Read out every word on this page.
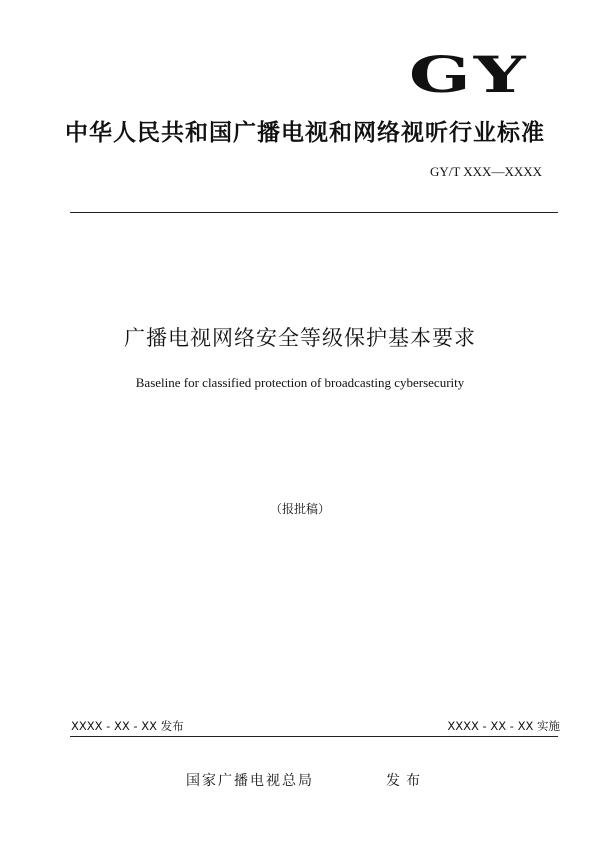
GY
中华人民共和国广播电视和网络视听行业标准
GY/T XXX—XXXX
广播电视网络安全等级保护基本要求
Baseline for classified protection of broadcasting cybersecurity
（报批稿）
XXXX - XX - XX 发布	XXXX - XX - XX 实施
国家广播电视总局	发布
